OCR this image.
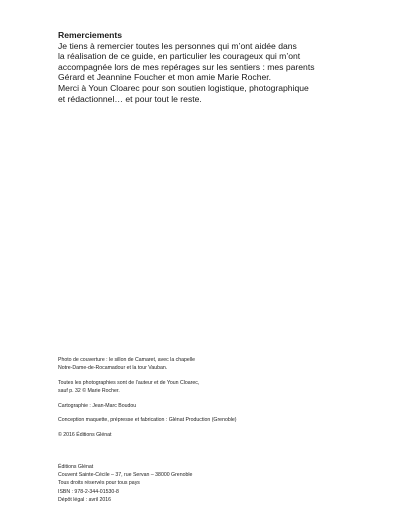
Remerciements
Je tiens à remercier toutes les personnes qui m’ont aidée dans
la réalisation de ce guide, en particulier les courageux qui m’ont
accompagnée lors de mes repérages sur les sentiers : mes parents
Gérard et Jeannine Foucher et mon amie Marie Rocher.
Merci à Youn Cloarec pour son soutien logistique, photographique
et rédactionnel… et pour tout le reste.
Photo de couverture : le sillon de Camaret, avec la chapelle
Notre-Dame-de-Rocamadour et la tour Vauban.
Toutes les photographies sont de l’auteur et de Youn Cloarec,
sauf p. 32 © Marie Rocher.
Cartographie : Jean-Marc Boudou
Conception maquette, prépresse et fabrication : Glénat Production (Grenoble)
© 2016 Éditions Glénat
Éditions Glénat
Couvent Sainte-Cécile – 37, rue Servan – 38000 Grenoble
Tous droits réservés pour tous pays
ISBN : 978-2-344-01530-8
Dépôt légal : avril 2016
